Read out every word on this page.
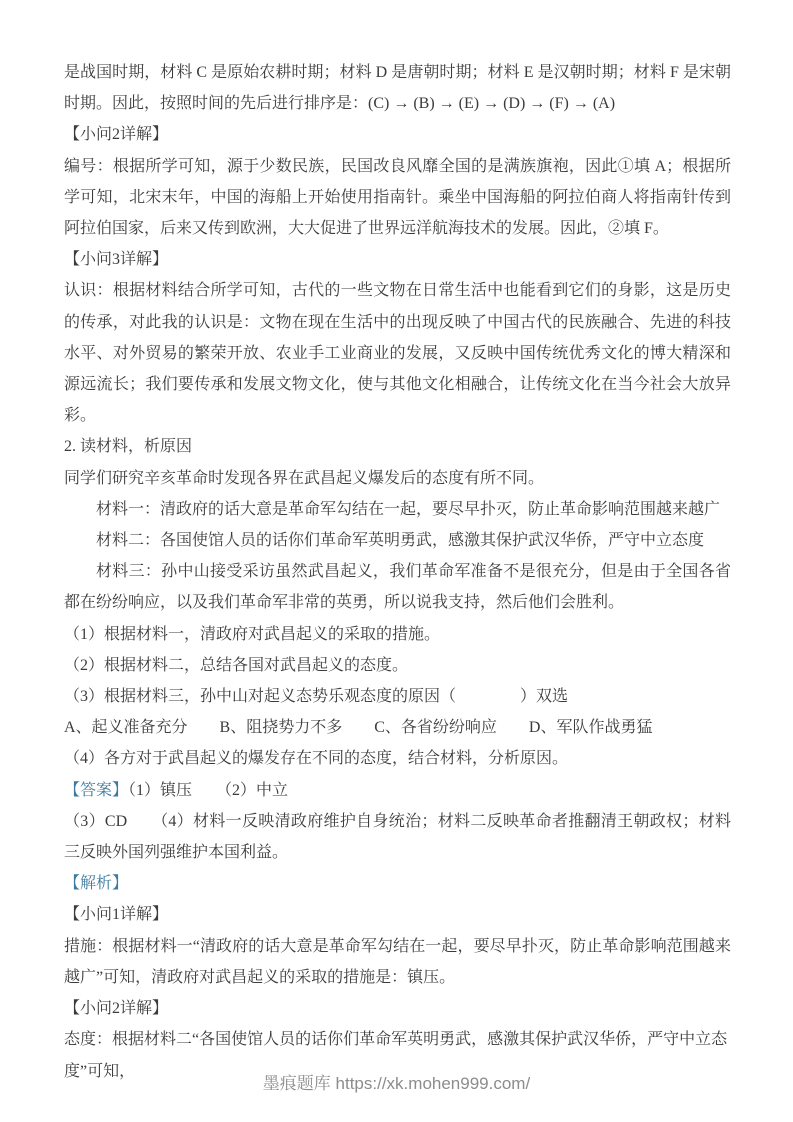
是战国时期，材料 C 是原始农耕时期；材料 D 是唐朝时期；材料 E 是汉朝时期；材料 F 是宋朝时期。因此，按照时间的先后进行排序是：(C) → (B) → (E) → (D) → (F) → (A)

【小问2详解】

编号：根据所学可知，源于少数民族，民国改良风靡全国的是满族旗袍，因此①填 A；根据所学可知，北宋末年，中国的海船上开始使用指南针。乘坐中国海船的阿拉伯商人将指南针传到阿拉伯国家，后来又传到欧洲，大大促进了世界远洋航海技术的发展。因此，②填 F。

【小问3详解】

认识：根据材料结合所学可知，古代的一些文物在日常生活中也能看到它们的身影，这是历史的传承，对此我的认识是：文物在现在生活中的出现反映了中国古代的民族融合、先进的科技水平、对外贸易的繁荣开放、农业手工业商业的发展，又反映中国传统优秀文化的博大精深和源远流长；我们要传承和发展文物文化，使与其他文化相融合，让传统文化在当今社会大放异彩。

2. 读材料，析原因

同学们研究辛亥革命时发现各界在武昌起义爆发后的态度有所不同。

材料一：清政府的话大意是革命军勾结在一起，要尽早扑灭，防止革命影响范围越来越广

材料二：各国使馆人员的话你们革命军英明勇武，感激其保护武汉华侨，严守中立态度

材料三：孙中山接受采访虽然武昌起义，我们革命军准备不是很充分，但是由于全国各省都在纷纷响应，以及我们革命军非常的英勇，所以说我支持，然后他们会胜利。

（1）根据材料一，清政府对武昌起义的采取的措施。

（2）根据材料二，总结各国对武昌起义的态度。

（3）根据材料三，孙中山对起义态势乐观态度的原因（　　　　）双选

A、起义准备充分　　B、阻挠势力不多　　C、各省纷纷响应　　D、军队作战勇猛

（4）各方对于武昌起义的爆发存在不同的态度，结合材料，分析原因。

【答案】（1）镇压　　（2）中立

（3）CD　　（4）材料一反映清政府维护自身统治；材料二反映革命者推翻清王朝政权；材料三反映外国列强维护本国利益。

【解析】

【小问1详解】

措施：根据材料一“清政府的话大意是革命军勾结在一起，要尽早扑灭，防止革命影响范围越来越广”可知，清政府对武昌起义的采取的措施是：镇压。

【小问2详解】

态度：根据材料二“各国使馆人员的话你们革命军英明勇武，感激其保护武汉华侨，严守中立态度”可知，

墨痕题库 https://xk.mohen999.com/
